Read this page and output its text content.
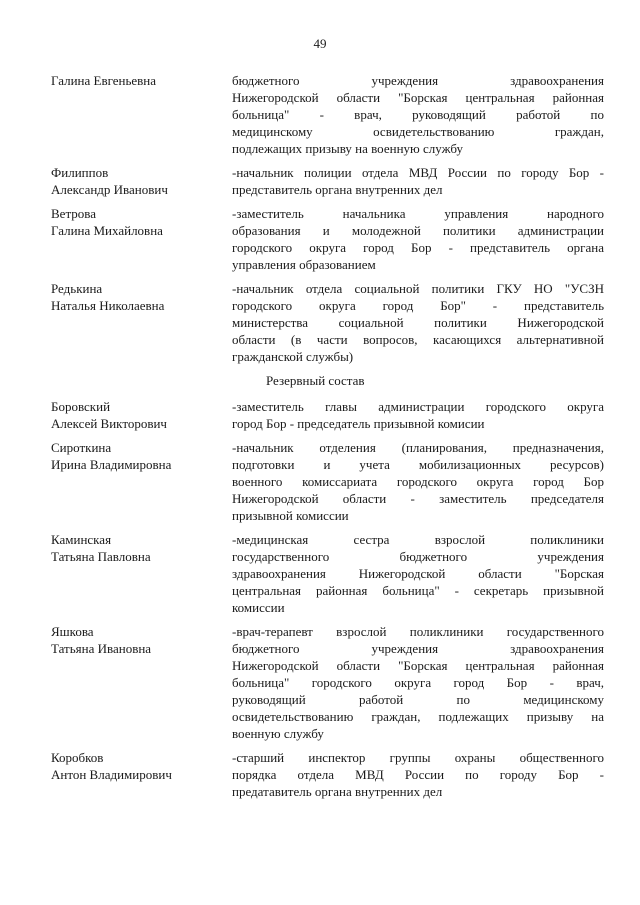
49
Галина Евгеньевна	бюджетного учреждения здравоохранения
Нижегородской области "Борская центральная районная
больница" - врач, руководящий работой по
медицинскому освидетельствованию граждан,
подлежащих призыву на военную службу
Филиппов
Александр Иванович
-начальник полиции отдела МВД России по городу Бор -
представитель органа внутренних дел
Ветрова
Галина Михайловна
-заместитель начальника управления народного
образования и молодежной политики администрации
городского округа город Бор - представитель органа
управления образованием
Редькина
Наталья Николаевна
-начальник отдела социальной политики ГКУ НО "УСЗН
городского округа город Бор" - представитель
министерства социальной политики Нижегородской
области (в части вопросов, касающихся альтернативной
гражданской службы)
Резервный состав
Боровский
Алексей Викторович
-заместитель главы администрации городского округа
город Бор - председатель призывной комисии
Сироткина
Ирина Владимировна
-начальник отделения (планирования, предназначения,
подготовки и учета мобилизационных ресурсов)
военного комиссариата городского округа город Бор
Нижегородской области - заместитель председателя
призывной комиссии
Каминская
Татьяна Павловна
-медицинская сестра взрослой поликлиники
государственного бюджетного учреждения
здравоохранения Нижегородской области "Борская
центральная районная больница" - секретарь призывной
комиссии
Яшкова
Татьяна Ивановна
-врач-терапевт взрослой поликлиники государственного
бюджетного учреждения здравоохранения
Нижегородской области "Борская центральная районная
больница" городского округа город Бор - врач,
руководящий работой по медицинскому
освидетельствованию граждан, подлежащих призыву на
военную службу
Коробков
Антон Владимирович
-старший инспектор группы охраны общественного
порядка отдела МВД России по городу Бор -
предатавитель органа внутренних дел
